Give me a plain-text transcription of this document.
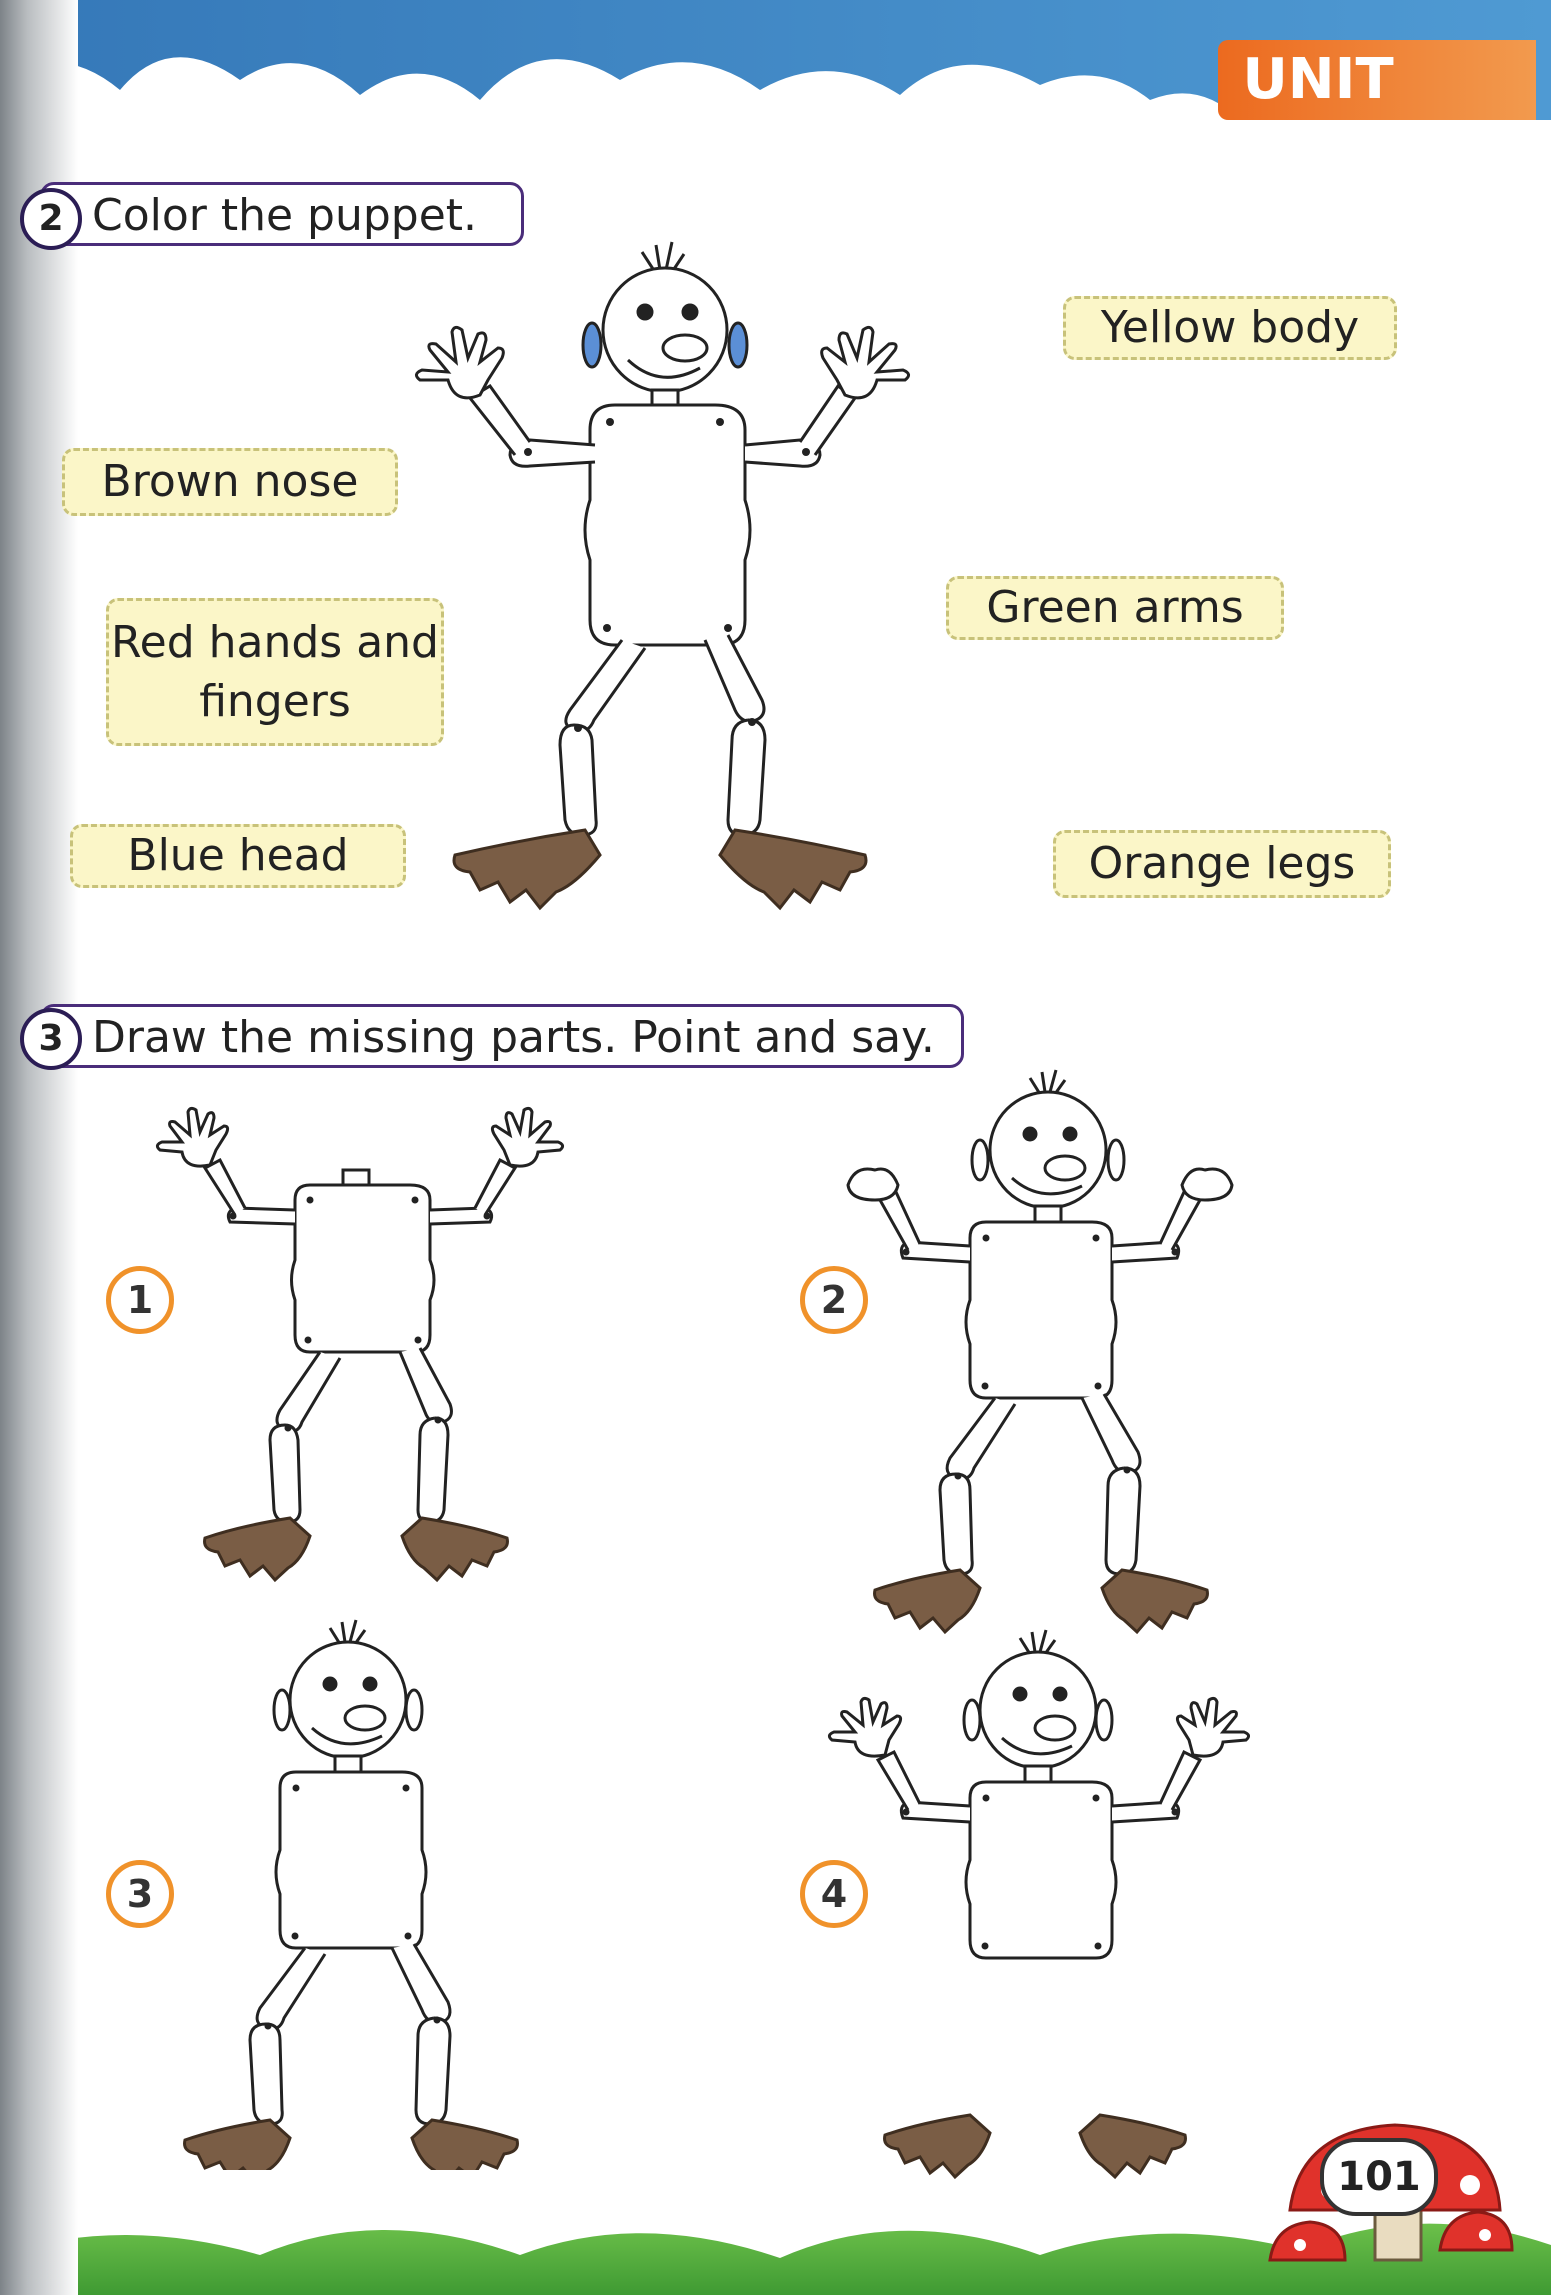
UNIT 7
2 Color the puppet.
Yellow body
Brown nose
Green arms
Red hands and
fingers
Blue head	Orange legs
3 Draw the missing parts. Point and say.
1	2
3	4
101
